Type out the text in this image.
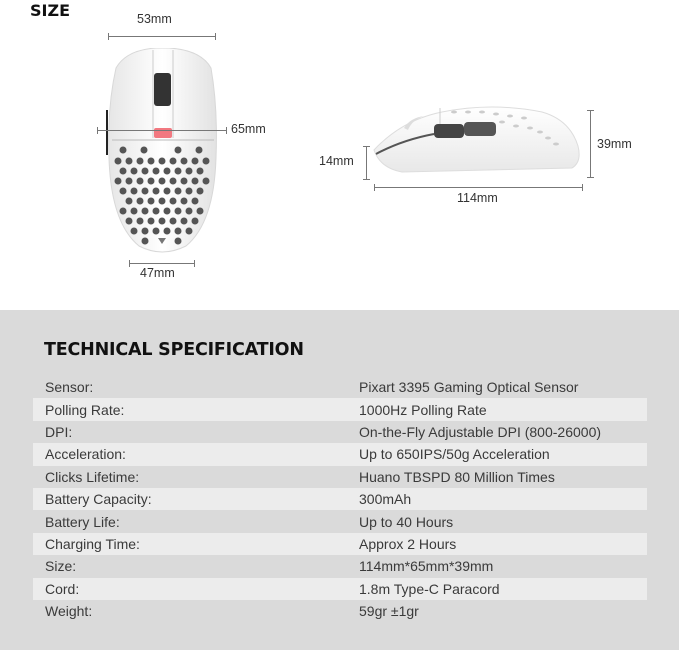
SIZE	53mm
65mm
47mm
14mm
39mm
114mm
TECHNICAL SPECIFICATION
Sensor:	Pixart 3395 Gaming Optical Sensor
Polling Rate:	1000Hz Polling Rate
DPI:	On-the-Fly Adjustable DPI (800-26000)
Acceleration:	Up to 650IPS/50g Acceleration
Clicks Lifetime:	Huano TBSPD 80 Million Times
Battery Capacity:	300mAh
Battery Life:	Up to 40 Hours
Charging Time:	Approx 2 Hours
Size:	114mm*65mm*39mm
Cord:	1.8m Type-C Paracord
Weight:	59gr ±1gr
